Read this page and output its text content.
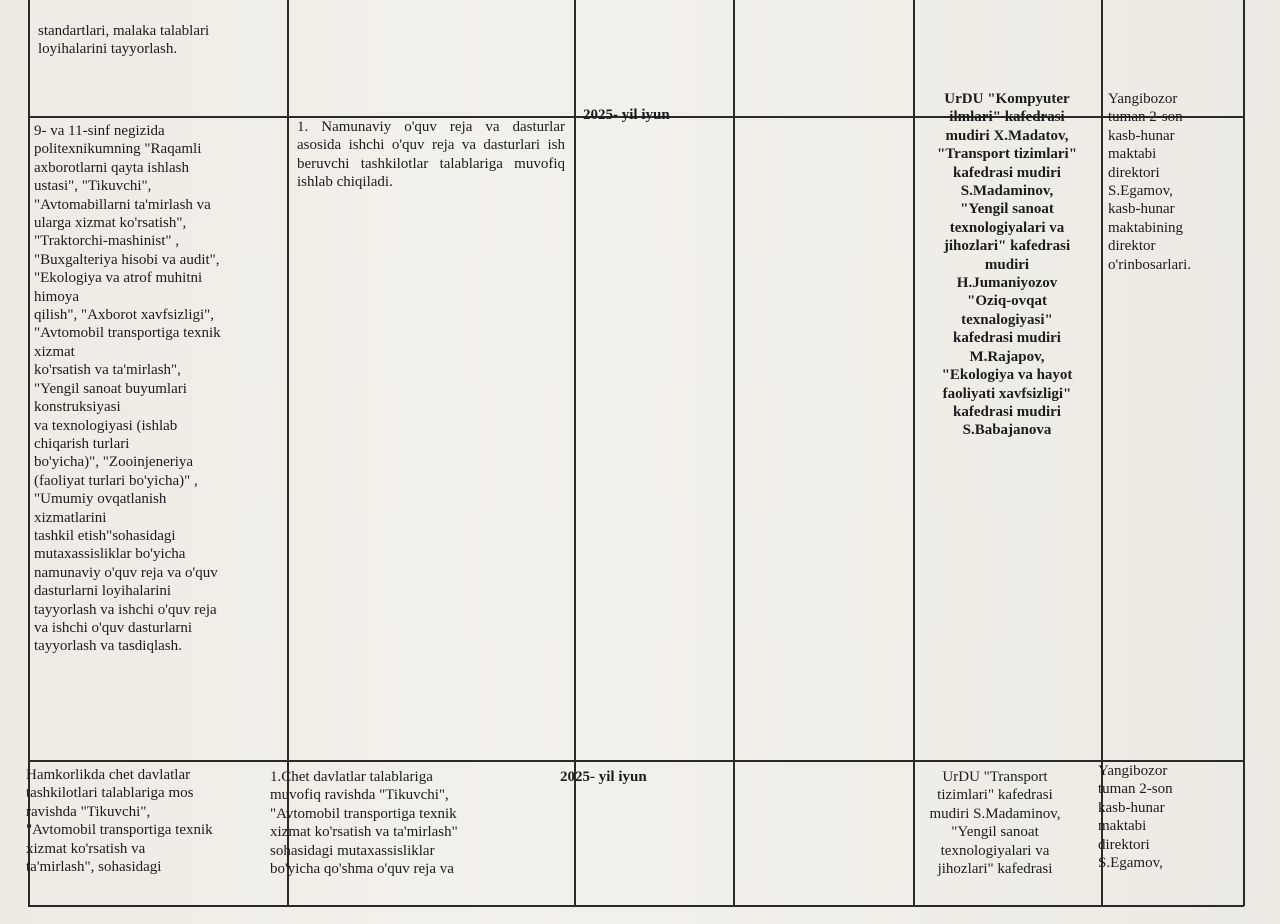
standartlari, malaka talablari
loyihalarini tayyorlash.
9- va 11-sinf negizida
politexnikumning "Raqamli
axborotlarni qayta ishlash
ustasi", "Tikuvchi",
"Avtomabillarni ta'mirlash va
ularga xizmat ko'rsatish",
"Traktorchi-mashinist" ,
"Buxgalteriya hisobi va audit",
"Ekologiya va atrof muhitni
himoya
qilish", "Axborot xavfsizligi",
"Avtomobil transportiga texnik
xizmat
ko'rsatish va ta'mirlash",
"Yengil sanoat buyumlari
konstruksiyasi
va texnologiyasi (ishlab
chiqarish turlari
bo'yicha)", "Zooinjeneriya
(faoliyat turlari bo'yicha)" ,
"Umumiy ovqatlanish
xizmatlarini
tashkil etish"sohasidagi
mutaxassisliklar bo'yicha
namunaviy o'quv reja va o'quv
dasturlarni loyihalarini
tayyorlash va ishchi o'quv reja
va ishchi o'quv dasturlarni
tayyorlash va tasdiqlash.
1. Namunaviy o'quv reja va dasturlar asosida ishchi o'quv reja va dasturlari ish beruvchi tashkilotlar talablariga muvofiq ishlab chiqiladi.
2025- yil iyun
UrDU "Kompyuter
ilmlari" kafedrasi
mudiri X.Madatov,
"Transport tizimlari"
kafedrasi mudiri
S.Madaminov,
"Yengil sanoat
texnologiyalari va
jihozlari" kafedrasi
mudiri
H.Jumaniyozov
"Oziq-ovqat
texnalogiyasi"
kafedrasi mudiri
M.Rajapov,
"Ekologiya va hayot
faoliyati xavfsizligi"
kafedrasi mudiri
S.Babajanova
Yangibozor
tuman 2-son
kasb-hunar
maktabi
direktori
S.Egamov,
kasb-hunar
maktabining
direktor
o'rinbosarlari.
Hamkorlikda chet davlatlar
tashkilotlari talablariga mos
ravishda "Tikuvchi",
"Avtomobil transportiga texnik
xizmat ko'rsatish va
ta'mirlash", sohasidagi
1.Chet davlatlar talablariga
muvofiq ravishda "Tikuvchi",
"Avtomobil transportiga texnik
xizmat ko'rsatish va ta'mirlash"
sohasidagi mutaxassisliklar
bo'yicha qo'shma o'quv reja va
2025- yil iyun	UrDU "Transport
tizimlari" kafedrasi
mudiri S.Madaminov,
"Yengil sanoat
texnologiyalari va
jihozlari" kafedrasi
Yangibozor
tuman 2-son
kasb-hunar
maktabi
direktori
S.Egamov,
